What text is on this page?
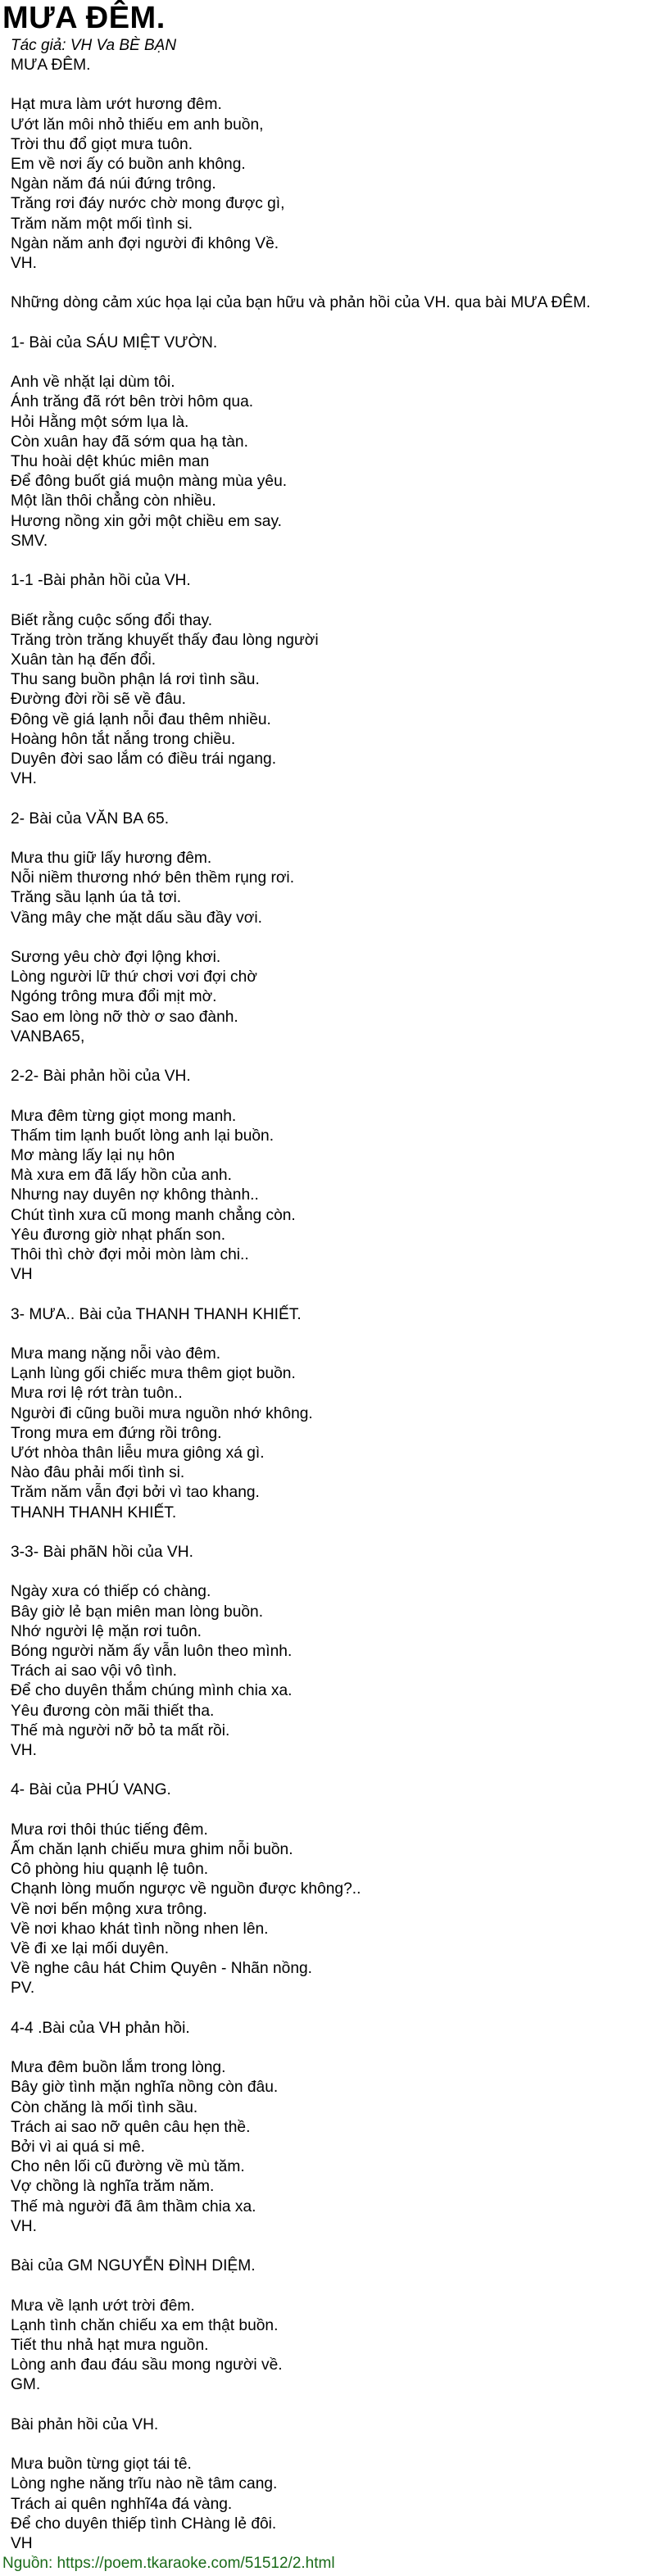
MƯA ĐÊM.
Tác giả: VH Va BÈ BẠN
MƯA ĐÊM.
Hạt mưa làm ướt hương đêm.
Ướt lăn môi nhỏ thiếu em anh buồn,
Trời thu đổ giọt mưa tuôn.
Em về nơi ấy có buồn anh không.
Ngàn năm đá núi đứng trông.
Trăng rơi đáy nước chờ mong được gì,
Trăm năm một mối tình si.
Ngàn năm anh đợi người đi không Về.
VH.
Những dòng cảm xúc họa lại của bạn hữu và phản hồi của VH. qua bài MƯA ĐÊM.
1- Bài của SÁU MIỆT VƯỜN.
Anh về nhặt lại dùm tôi.
Ánh trăng đã rớt bên trời hôm qua.
Hỏi Hằng một sớm lụa là.
Còn xuân hay đã sớm qua hạ tàn.
Thu hoài dệt khúc miên man
Để đông buốt giá muộn màng mùa yêu.
Một lần thôi chẳng còn nhiều.
Hương nồng xin gởi một chiều em say.
SMV.
1-1 -Bài phản hồi của VH.
Biết rằng cuộc sống đổi thay.
Trăng tròn trăng khuyết thấy đau lòng người
Xuân tàn hạ đến đổi.
Thu sang buồn phận lá rơi tình sầu.
Đường đời rồi sẽ về đâu.
Đông về giá lạnh nỗi đau thêm nhiều.
Hoàng hôn tắt nắng trong chiều.
Duyên đời sao lắm có điều trái ngang.
VH.
2- Bài của VĂN BA 65.
Mưa thu giữ lấy hương đêm.
Nỗi niềm thương nhớ bên thềm rụng rơi.
Trăng sầu lạnh úa tả tơi.
Vầng mây che mặt dấu sầu đầy vơi.
Sương yêu chờ đợi lộng khơi.
Lòng người lữ thứ chơi vơi đợi chờ
Ngóng trông mưa đổi mịt mờ.
Sao em lòng nỡ thờ ơ sao đành.
VANBA65,
2-2- Bài phản hồi của VH.
Mưa đêm từng giọt mong manh.
Thấm tim lạnh buốt lòng anh lại buồn.
Mơ màng lấy lại nụ hôn
Mà xưa em đã lấy hồn của anh.
Nhưng nay duyên nợ không thành..
Chút tình xưa cũ mong manh chẳng còn.
Yêu đương giờ nhạt phấn son.
Thôi thì chờ đợi mỏi mòn làm chi..
VH
3- MƯA.. Bài của THANH THANH KHIẾT.
Mưa mang nặng nỗi vào đêm.
Lạnh lùng gối chiếc mưa thêm giọt buồn.
Mưa rơi lệ rớt tràn tuôn..
Người đi cũng buồi mưa nguồn nhớ không.
Trong mưa em đứng rồi trông.
Ướt nhòa thân liễu mưa giông xá gì.
Nào đâu phải mối tình si.
Trăm năm vẫn đợi bởi vì tao khang.
THANH THANH KHIẾT.
3-3- Bài phãN hồi của VH.
Ngày xưa có thiếp có chàng.
Bây giờ lẻ bạn miên man lòng buồn.
Nhớ người lệ mặn rơi tuôn.
Bóng người năm ấy vẫn luôn theo mình.
Trách ai sao vội vô tình.
Để cho duyên thắm chúng mình chia xa.
Yêu đương còn mãi thiết tha.
Thế mà người nỡ bỏ ta mất rồi.
VH.
4- Bài của PHÚ VANG.
Mưa rơi thôi thúc tiếng đêm.
Ấm chăn lạnh chiếu mưa ghim nỗi buồn.
Cô phòng hiu quạnh lệ tuôn.
Chạnh lòng muốn ngược về nguồn được không?..
Về nơi bến mộng xưa trông.
Về nơi khao khát tình nồng nhen lên.
Về đi xe lại mối duyên.
Về nghe câu hát Chim Quyên - Nhãn nồng.
PV.
4-4 .Bài của VH phản hồi.
Mưa đêm buồn lắm trong lòng.
Bây giờ tình mặn nghĩa nồng còn đâu.
Còn chăng là mối tình sầu.
Trách ai sao nỡ quên câu hẹn thề.
Bởi vì ai quá si mê.
Cho nên lối cũ đường về mù tăm.
Vợ chồng là nghĩa trăm năm.
Thế mà người đã âm thầm chia xa.
VH.
Bài của GM NGUYỄN ĐÌNH DIỆM.
Mưa về lạnh ướt trời đêm.
Lạnh tình chăn chiếu xa em thật buồn.
Tiết thu nhả hạt mưa nguồn.
Lòng anh đau đáu sầu mong người về.
GM.
Bài phản hồi của VH.
Mưa buồn từng giọt tái tê.
Lòng nghe năng trĩu nào nề tâm cang.
Trách ai quên nghhĩ4a đá vàng.
Để cho duyên thiếp tình CHàng lẻ đôi.
VH
Nguồn: https://poem.tkaraoke.com/51512/2.html
